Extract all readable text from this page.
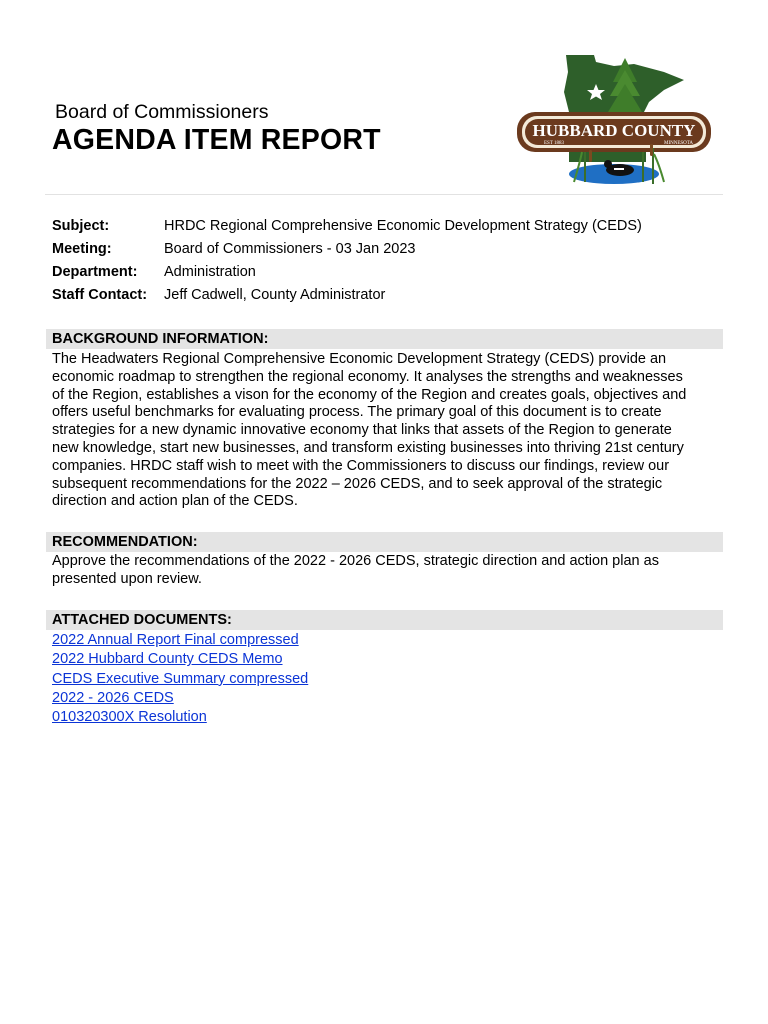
Board of Commissioners
AGENDA ITEM REPORT	HUBBARD COUNTY
EST 1883	MINNESOTA
Subject:	HRDC Regional Comprehensive Economic Development Strategy (CEDS)
Meeting:	Board of Commissioners - 03 Jan 2023
Department:	Administration
Staff Contact:	Jeff Cadwell, County Administrator
BACKGROUND INFORMATION:
The Headwaters Regional Comprehensive Economic Development Strategy (CEDS) provide an
economic roadmap to strengthen the regional economy. It analyses the strengths and weaknesses
of the Region, establishes a vison for the economy of the Region and creates goals, objectives and
offers useful benchmarks for evaluating process. The primary goal of this document is to create
strategies for a new dynamic innovative economy that links that assets of the Region to generate
new knowledge, start new businesses, and transform existing businesses into thriving 21st century
companies. HRDC staff wish to meet with the Commissioners to discuss our findings, review our
subsequent recommendations for the 2022 – 2026 CEDS, and to seek approval of the strategic
direction and action plan of the CEDS.
RECOMMENDATION:
Approve the recommendations of the 2022 - 2026 CEDS, strategic direction and action plan as
presented upon review.
ATTACHED DOCUMENTS:
2022 Annual Report Final compressed
2022 Hubbard County CEDS Memo
CEDS Executive Summary compressed
2022 - 2026 CEDS
010320300X Resolution
